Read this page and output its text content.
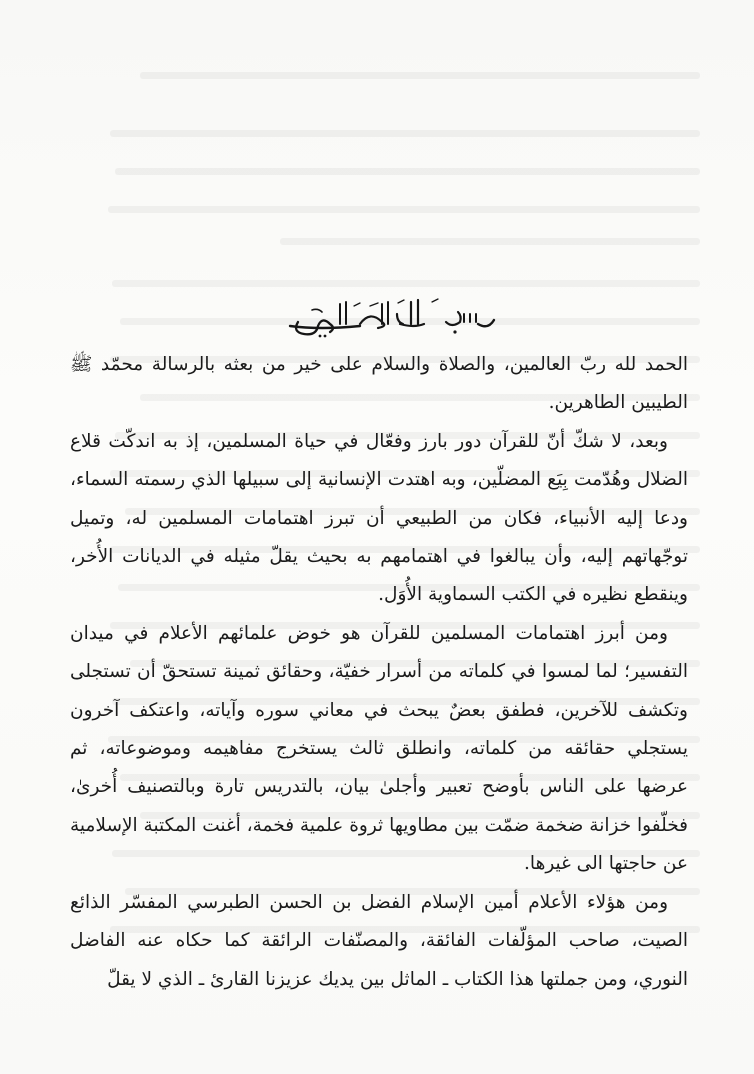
الحمد لله ربّ العالمين، والصلاة والسلام على خير من بعثه بالرسالة محمّد ﷺ الطيبين الطاهرين.

وبعد، لا شكّ أنّ للقرآن دور بارز وفعّال في حياة المسلمين، إذ به اندكّت قلاع الضلال وهُدّمت بِيَع المضلّين، وبه اهتدت الإنسانية إلى سبيلها الذي رسمته السماء، ودعا إليه الأنبياء، فكان من الطبيعي أن تبرز اهتمامات المسلمين له، وتميل توجّهاتهم إليه، وأن يبالغوا في اهتمامهم به بحيث يقلّ مثيله في الديانات الأُخر، وينقطع نظيره في الكتب السماوية الأُوَل.

ومن أبرز اهتمامات المسلمين للقرآن هو خوض علمائهم الأعلام في ميدان التفسير؛ لما لمسوا في كلماته من أسرار خفيّة، وحقائق ثمينة تستحقّ أن تستجلى وتكشف للآخرين، فطفق بعضٌ يبحث في معاني سوره وآياته، واعتكف آخرون يستجلي حقائقه من كلماته، وانطلق ثالث يستخرج مفاهيمه وموضوعاته، ثم عرضها على الناس بأوضح تعبير وأجلىٰ بيان، بالتدريس تارة وبالتصنيف أُخرىٰ، فخلّفوا خزانة ضخمة ضمّت بين مطاويها ثروة علمية فخمة، أغنت المكتبة الإسلامية عن حاجتها الى غيرها.

ومن هؤلاء الأعلام أمين الإسلام الفضل بن الحسن الطبرسي المفسّر الذائع الصيت، صاحب المؤلّفات الفائقة، والمصنّفات الرائقة كما حكاه عنه الفاضل النوري، ومن جملتها هذا الكتاب ـ الماثل بين يديك عزيزنا القارئ ـ الذي لا يقلّ
